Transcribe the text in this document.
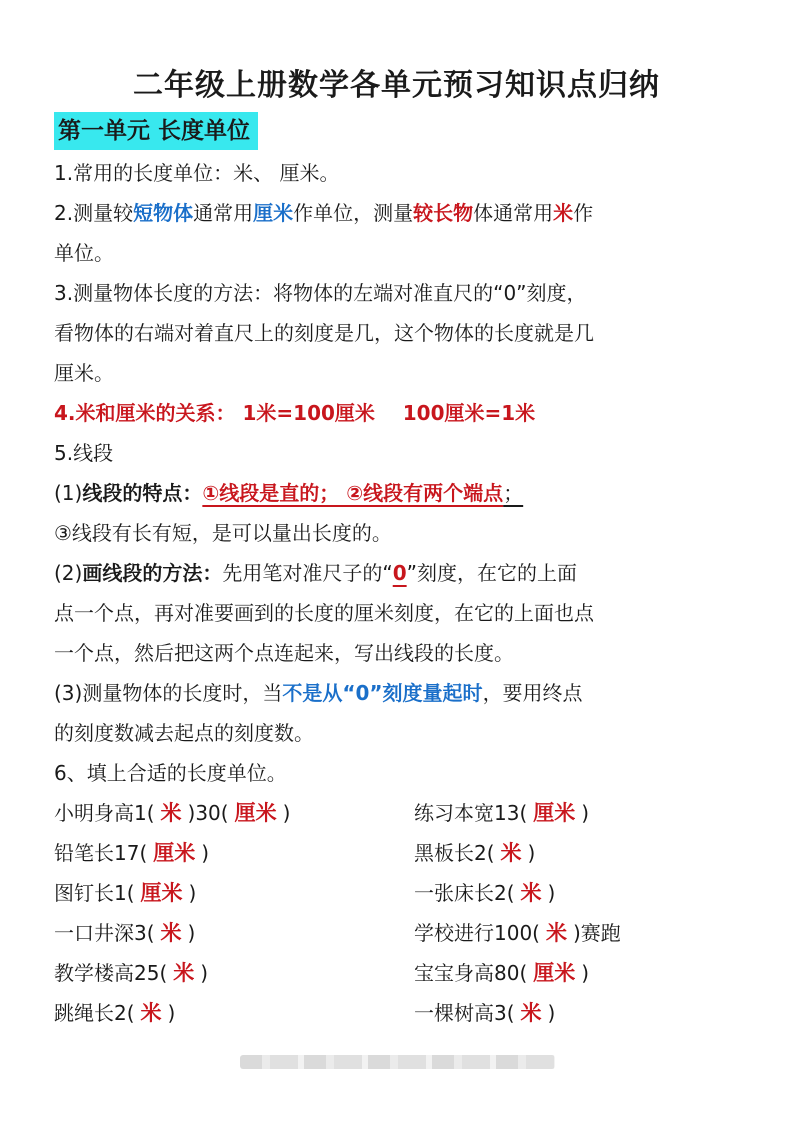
二年级上册数学各单元预习知识点归纳
第一单元 长度单位
1.常用的长度单位：米、 厘米。
2.测量较短物体通常用厘米作单位，测量较长物体通常用米作
单位。
3.测量物体长度的方法：将物体的左端对准直尺的“0”刻度，
看物体的右端对着直尺上的刻度是几，这个物体的长度就是几
厘米。
4.米和厘米的关系： 1米=100厘米    100厘米=1米
5.线段
(1)线段的特点：①线段是直的； ②线段有两个端点；
③线段有长有短，是可以量出长度的。
(2)画线段的方法：先用笔对准尺子的“0”刻度，在它的上面
点一个点，再对准要画到的长度的厘米刻度，在它的上面也点
一个点，然后把这两个点连起来，写出线段的长度。
(3)测量物体的长度时，当不是从“0”刻度量起时，要用终点
的刻度数减去起点的刻度数。
6、填上合适的长度单位。
小明身高1( 米 )30( 厘米 )
铅笔长17( 厘米 )
图钉长1( 厘米 )
一口井深3( 米 )
教学楼高25( 米 )
跳绳长2( 米 )
练习本宽13( 厘米 )
黑板长2( 米 )
一张床长2( 米 )
学校进行100( 米 )赛跑
宝宝身高80( 厘米 )
一棵树高3( 米 )
